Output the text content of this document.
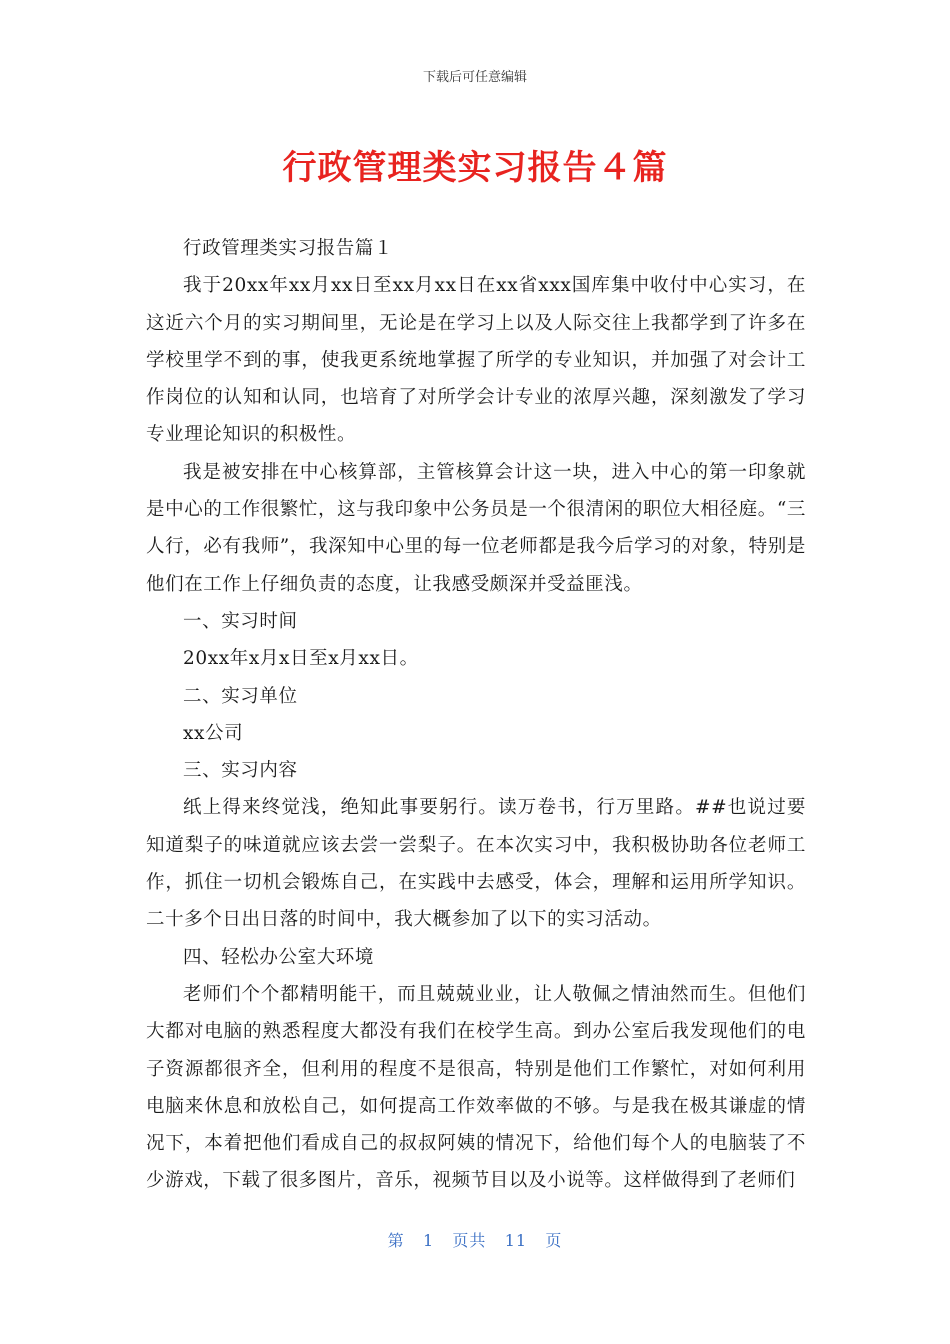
下载后可任意编辑
行政管理类实习报告４篇

行政管理类实习报告篇１

我于20xx年xx月xx日至xx月xx日在xx省xxx国库集中收付中心实习，在这近六个月的实习期间里，无论是在学习上以及人际交往上我都学到了许多在学校里学不到的事，使我更系统地掌握了所学的专业知识，并加强了对会计工作岗位的认知和认同，也培育了对所学会计专业的浓厚兴趣，深刻激发了学习专业理论知识的积极性。

我是被安排在中心核算部，主管核算会计这一块，进入中心的第一印象就是中心的工作很繁忙，这与我印象中公务员是一个很清闲的职位大相径庭。“三人行，必有我师”，我深知中心里的每一位老师都是我今后学习的对象，特别是他们在工作上仔细负责的态度，让我感受颇深并受益匪浅。

一、实习时间

20xx年x月x日至x月xx日。

二、实习单位

xx公司

三、实习内容

纸上得来终觉浅，绝知此事要躬行。读万卷书，行万里路。##也说过要知道梨子的味道就应该去尝一尝梨子。在本次实习中，我积极协助各位老师工作，抓住一切机会锻炼自己，在实践中去感受，体会，理解和运用所学知识。二十多个日出日落的时间中，我大概参加了以下的实习活动。

四、轻松办公室大环境

老师们个个都精明能干，而且兢兢业业，让人敬佩之情油然而生。但他们大都对电脑的熟悉程度大都没有我们在校学生高。到办公室后我发现他们的电子资源都很齐全，但利用的程度不是很高，特别是他们工作繁忙，对如何利用电脑来休息和放松自己，如何提高工作效率做的不够。与是我在极其谦虚的情况下，本着把他们看成自己的叔叔阿姨的情况下，给他们每个人的电脑装了不少游戏，下载了很多图片，音乐，视频节目以及小说等。这样做得到了老师们

第 1 页共 11 页
